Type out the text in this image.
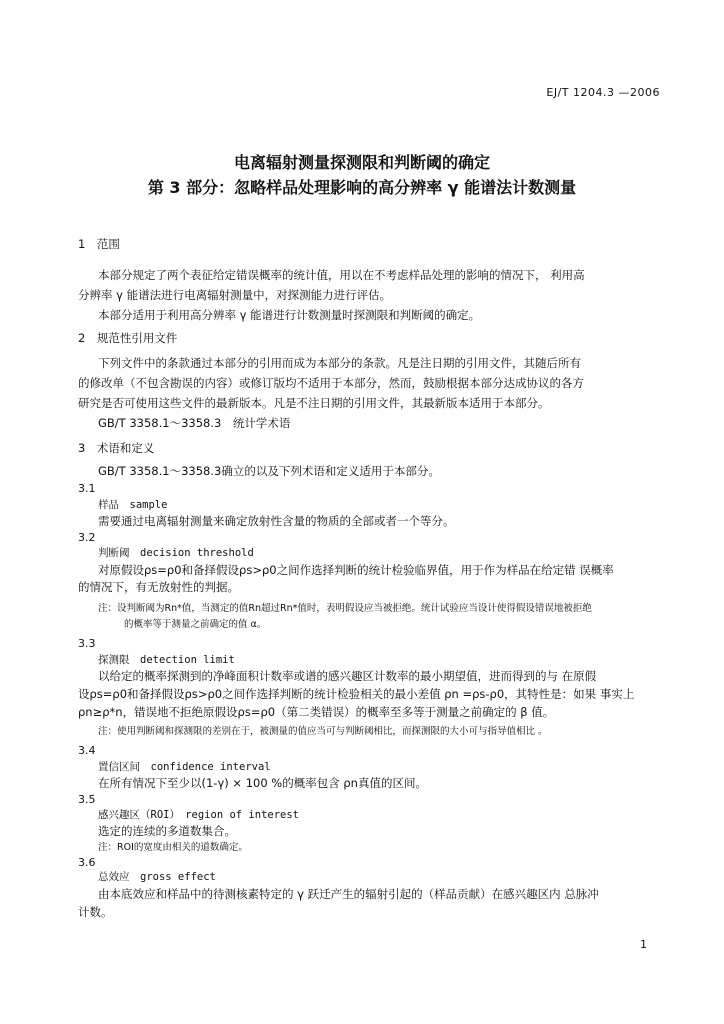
EJ/T 1204.3 —2006
电离辐射测量探测限和判断阈的确定
第 3 部分：忽略样品处理影响的高分辨率 γ 能谱法计数测量
1　范围
本部分规定了两个表征给定错误概率的统计值，用以在不考虑样品处理的影响的情况下， 利用高
分辨率 γ 能谱法进行电离辐射测量中，对探测能力进行评估。
本部分适用于利用高分辨率 γ 能谱进行计数测量时探测限和判断阈的确定。
2　规范性引用文件
下列文件中的条款通过本部分的引用而成为本部分的条款。凡是注日期的引用文件，其随后所有
的修改单（不包含勘误的内容）或修订版均不适用于本部分，然而，鼓励根据本部分达成协议的各方
研究是否可使用这些文件的最新版本。凡是不注日期的引用文件，其最新版本适用于本部分。
GB/T 3358.1～3358.3　统计学术语
3　术语和定义
GB/T 3358.1～3358.3确立的以及下列术语和定义适用于本部分。
3.1
样品　sample
需要通过电离辐射测量来确定放射性含量的物质的全部或者一个等分。
3.2
判断阈　decision threshold
对原假设ρs=ρ0和备择假设ρs>ρ0之间作选择判断的统计检验临界值，用于作为样品在给定错 误概率
的情况下，有无放射性的判据。
注：设判断阈为Rn*值，当测定的值Rn超过Rn*值时，表明假设应当被拒绝。统计试验应当设计使得假设错误地被拒绝
的概率等于测量之前确定的值 α。
3.3
探测限　detection limit
以给定的概率探测到的净峰面积计数率或谱的感兴趣区计数率的最小期望值，进而得到的与 在原假
设ρs=ρ0和备择假设ρs>ρ0之间作选择判断的统计检验相关的最小差值 ρn =ρs-ρ0，其特性是：如果 事实上
ρn≥ρ*n，错误地不拒绝原假设ρs=ρ0（第二类错误）的概率至多等于测量之前确定的 β 值。
注：使用判断阈和探测限的差别在于，被测量的值应当可与判断阈相比，而探测限的大小可与指导值相比 。
3.4
置信区间　confidence interval
在所有情况下至少以(1-γ) × 100 %的概率包含 ρn真值的区间。
3.5
感兴趣区（ROI）　region of interest
选定的连续的多道数集合。
注：ROI的宽度由相关的道数确定。
3.6
总效应　gross effect
由本底效应和样品中的待测核素特定的 γ 跃迁产生的辐射引起的（样品贡献）在感兴趣区内 总脉冲
计数。
1
